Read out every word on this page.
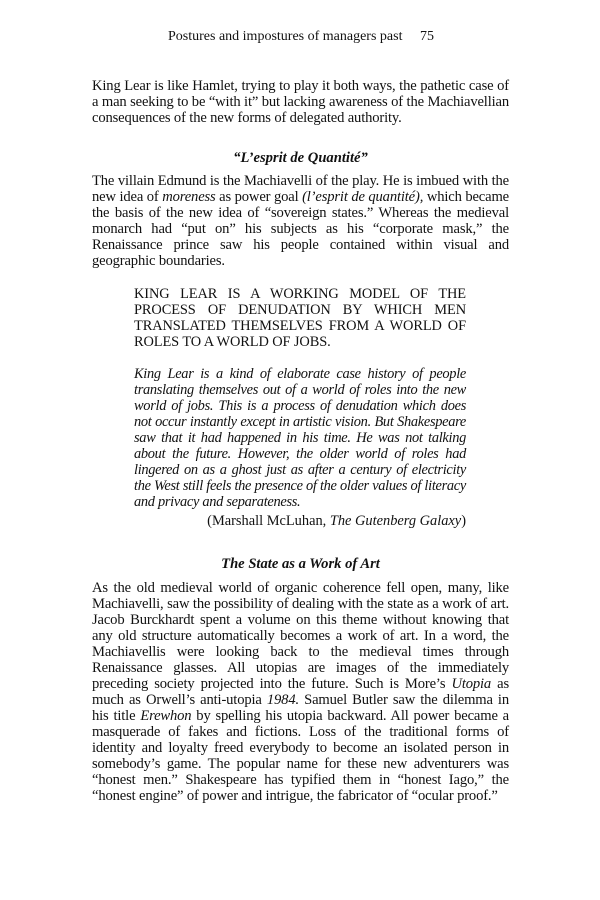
Postures and impostures of managers past 75

King Lear is like Hamlet, trying to play it both ways, the pathetic case of a man seeking to be “with it” but lacking awareness of the Machiavellian consequences of the new forms of delegated authority.

“L’esprit de Quantité”

The villain Edmund is the Machiavelli of the play. He is imbued with the new idea of moreness as power goal (l’esprit de quantité), which became the basis of the new idea of “sovereign states.” Whereas the medieval monarch had “put on” his subjects as his “corporate mask,” the Renaissance prince saw his people contained within visual and geographic boundaries.

KING LEAR IS A WORKING MODEL OF THE PROCESS OF DENUDATION BY WHICH MEN TRANSLATED THEMSELVES FROM A WORLD OF ROLES TO A WORLD OF JOBS.

King Lear is a kind of elaborate case history of people translating themselves out of a world of roles into the new world of jobs. This is a process of denudation which does not occur instantly except in artistic vision. But Shakespeare saw that it had happened in his time. He was not talking about the future. However, the older world of roles had lingered on as a ghost just as after a century of electricity the West still feels the presence of the older values of literacy and privacy and separateness.

(Marshall McLuhan, The Gutenberg Galaxy)
The State as a Work of Art

As the old medieval world of organic coherence fell open, many, like Machiavelli, saw the possibility of dealing with the state as a work of art. Jacob Burckhardt spent a volume on this theme without knowing that any old structure automatically becomes a work of art. In a word, the Machiavellis were looking back to the medieval times through Renaissance glasses. All utopias are images of the immediately preceding society projected into the future. Such is More’s Utopia as much as Orwell’s anti-utopia 1984. Samuel Butler saw the dilemma in his title Erewhon by spelling his utopia backward. All power became a masquerade of fakes and fictions. Loss of the traditional forms of identity and loyalty freed everybody to become an isolated person in somebody’s game. The popular name for these new adventurers was “honest men.” Shakespeare has typified them in “honest Iago,” the “honest engine” of power and intrigue, the fabricator of “ocular proof.”
